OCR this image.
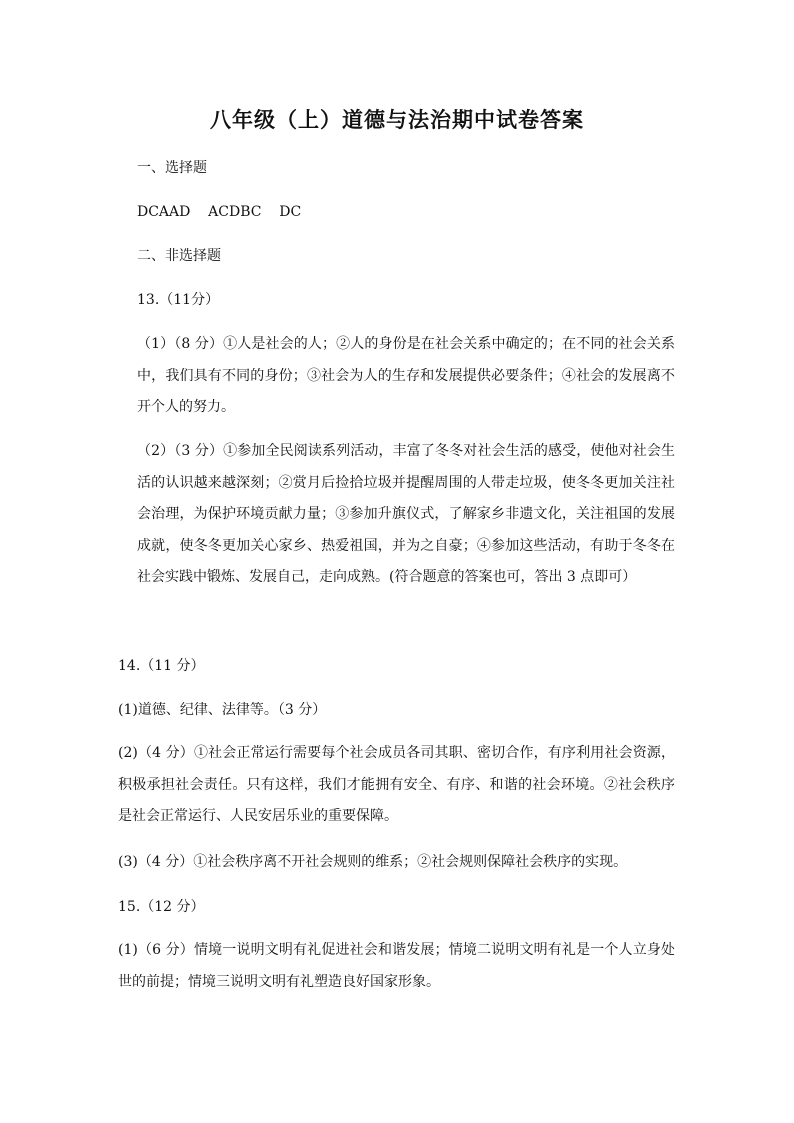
八年级（上）道德与法治期中试卷答案
一、选择题
DCAAD    ACDBC    DC
二、非选择题
13.（11分）
（1）（8 分）①人是社会的人；②人的身份是在社会关系中确定的；在不同的社会关系中，我们具有不同的身份；③社会为人的生存和发展提供必要条件；④社会的发展离不开个人的努力。
（2）（3 分）①参加全民阅读系列活动，丰富了冬冬对社会生活的感受，使他对社会生活的认识越来越深刻；②赏月后捡拾垃圾并提醒周围的人带走垃圾，使冬冬更加关注社会治理，为保护环境贡献力量；③参加升旗仪式，了解家乡非遗文化，关注祖国的发展成就，使冬冬更加关心家乡、热爱祖国，并为之自豪；④参加这些活动，有助于冬冬在社会实践中锻炼、发展自己，走向成熟。(符合题意的答案也可，答出 3 点即可）
14.（11 分）
(1)道德、纪律、法律等。（3 分）
(2)（4 分）①社会正常运行需要每个社会成员各司其职、密切合作，有序利用社会资源，积极承担社会责任。只有这样，我们才能拥有安全、有序、和谐的社会环境。②社会秩序是社会正常运行、人民安居乐业的重要保障。
(3)（4 分）①社会秩序离不开社会规则的维系；②社会规则保障社会秩序的实现。
15.（12 分）
(1)（6 分）情境一说明文明有礼促进社会和谐发展；情境二说明文明有礼是一个人立身处世的前提；情境三说明文明有礼塑造良好国家形象。
